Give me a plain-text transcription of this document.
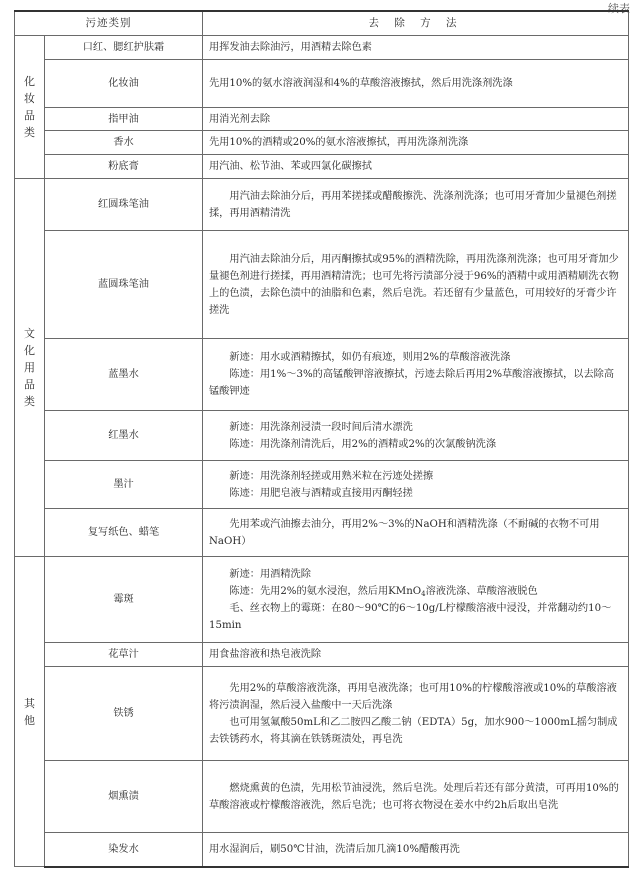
续表
污迹类别		去 除 方 法

化妆品类	口红、腮红护肤霜	用挥发油去除油污，用酒精去除色素

	化妆油	先用10%的氨水溶液润湿和4%的草酸溶液擦拭，然后用洗涤剂洗涤

	指甲油	用消光剂去除

	香水	先用10%的酒精或20%的氨水溶液擦拭，再用洗涤剂洗涤

	粉底膏	用汽油、松节油、苯或四氯化碳擦拭

文化用品类	红圆珠笔油	用汽油去除油分后，再用苯搓揉或醋酸擦洗、洗涤剂洗涤；也可用牙膏加少量褪色剂搓揉，再用酒精清洗

	蓝圆珠笔油	用汽油去除油分后，用丙酮擦拭或95%的酒精洗除，再用洗涤剂洗涤；也可用牙膏加少量褪色剂进行搓揉，再用酒精清洗；也可先将污渍部分浸于96%的酒精中或用酒精刷洗衣物上的色渍，去除色渍中的油脂和色素，然后皂洗。若还留有少量蓝色，可用较好的牙膏少许搓洗

	蓝墨水	新迹：用水或酒精擦拭，如仍有痕迹，则用2%的草酸溶液洗涤
陈迹：用1%～3%的高锰酸钾溶液擦拭，污迹去除后再用2%草酸溶液擦拭，以去除高锰酸钾迹

	红墨水	新迹：用洗涤剂浸渍一段时间后清水漂洗
陈迹：用洗涤剂清洗后，用2%的酒精或2%的次氯酸钠洗涤

	墨汁	新迹：用洗涤剂轻搓或用熟米粒在污迹处搓擦
陈迹：用肥皂液与酒精或直接用丙酮轻搓

	复写纸色、蜡笔	先用苯或汽油擦去油分，再用2%～3%的NaOH和酒精洗涤（不耐碱的衣物不可用NaOH）

其他	霉斑	新迹：用酒精洗除
陈迹：先用2%的氨水浸泡，然后用KMnO$_4$溶液洗涤、草酸溶液脱色
毛、丝衣物上的霉斑：在80～90℃的6～10g/L柠檬酸溶液中浸没，并常翻动约10～15min

	花草汁	用食盐溶液和热皂液洗除

	铁锈	先用2%的草酸溶液洗涤，再用皂液洗涤；也可用10%的柠檬酸溶液或10%的草酸溶液将污渍润湿，然后浸入盐酸中一天后洗涤
也可用氢氟酸50mL和乙二胺四乙酸二钠（EDTA）5g，加水900～1000mL摇匀制成去铁锈药水，将其滴在铁锈斑渍处，再皂洗

	烟熏渍	燃烧熏黄的色渍，先用松节油浸洗，然后皂洗。处理后若还有部分黄渍，可再用10%的草酸溶液或柠檬酸溶液洗，然后皂洗；也可将衣物浸在姜水中约2h后取出皂洗

	染发水	用水湿润后，刷50℃甘油，洗清后加几滴10%醋酸再洗
